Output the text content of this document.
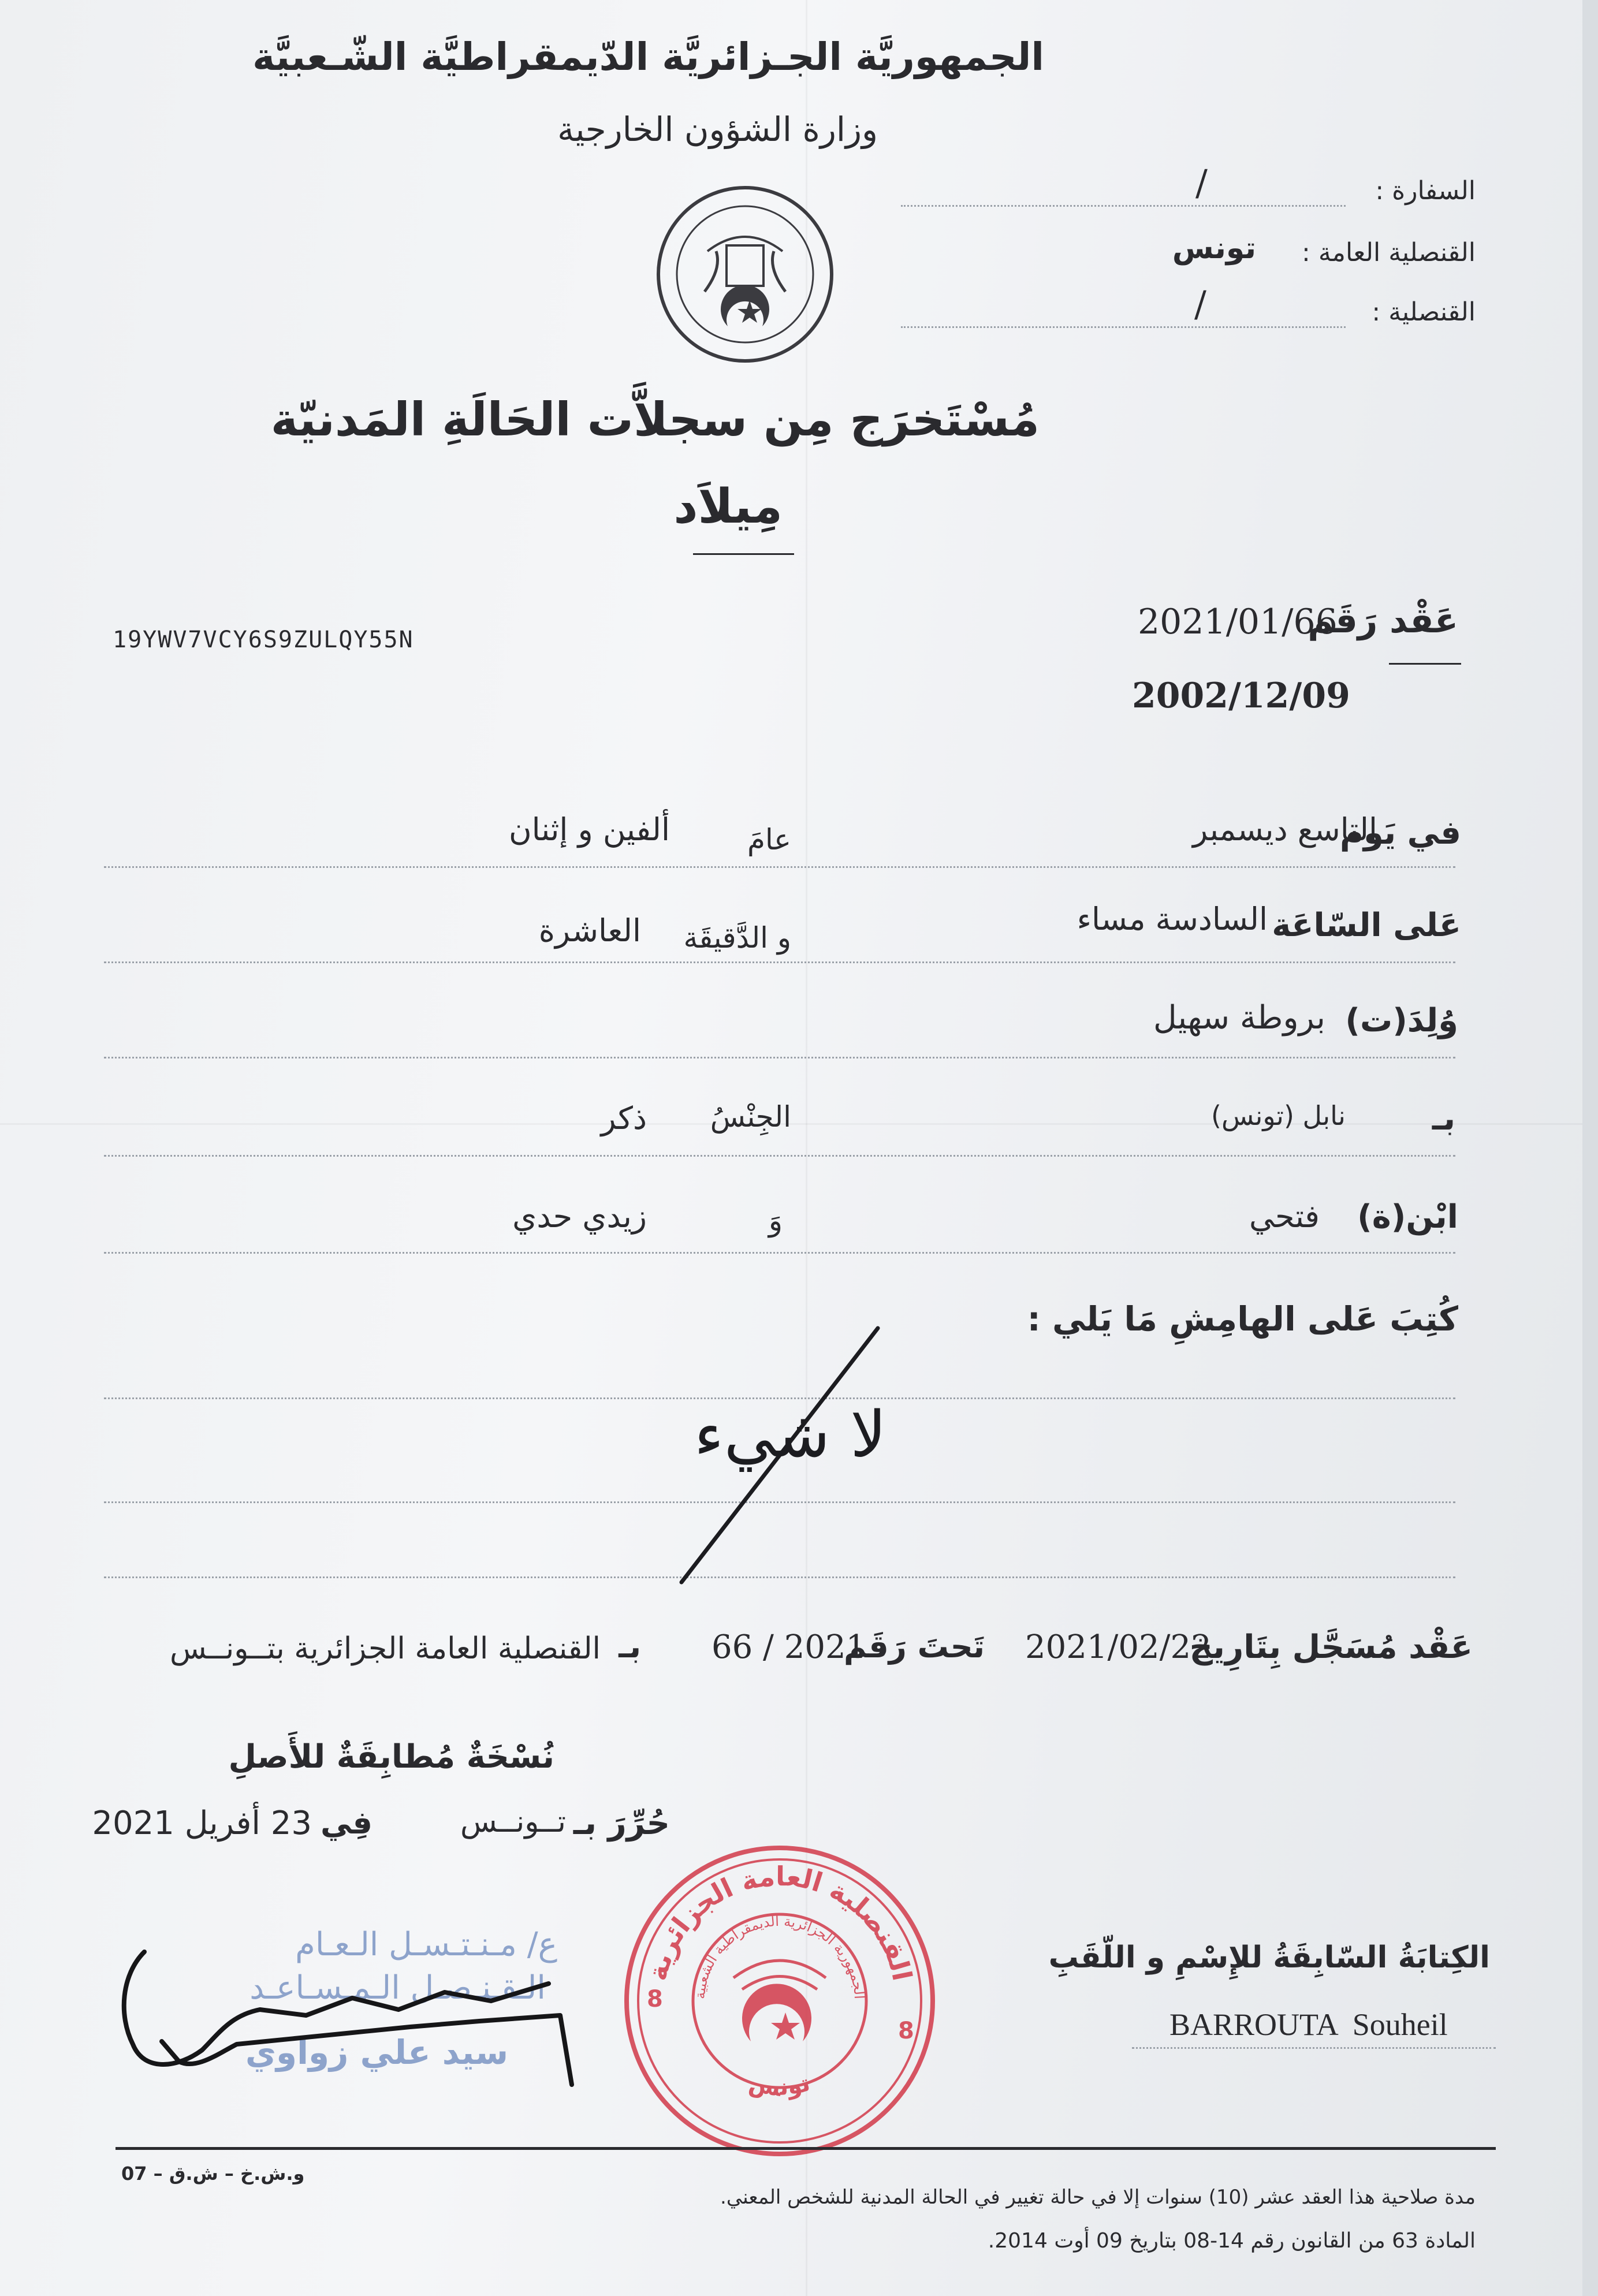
الجمهوريَّة الجـزائريَّة الدّيمقراطيَّة الشّـعبيَّة
وزارة الشؤون الخارجية
السفارة :
/
القنصلية العامة :
تونس
القنصلية :
/
مُسْتَخرَج مِن سجلاَّت الحَالَةِ المَدنيّة
مِيلاَد
19YWV7VCY6S9ZULQY55N	عَقْد رَقَم
2021/01/66
2002/12/09
في يَوم
التاسع ديسمبر
عامَ
ألفين و إثنان
عَلى السّاعَة
السادسة مساء
و الدَّقيقَة
العاشرة
وُلِدَ(ت)
بروطة سهيل
بـ
نابل (تونس)
الجِنْسُ
ذكر
ابْن(ة)
فتحي
وَ
زيدي حدي
كُتِبَ عَلى الهامِشِ مَا يَلي :
لا شيء
عَقْد مُسَجَّل بِتَارِيخ
2021/02/22
تَحتَ رَقَم
66 / 2021
بـ
القنصلية العامة الجزائرية بتــونــس
نُسْخَةٌ مُطابِقَةٌ للأَصلِ
حُرِّرَ بـ
تــونــس
فِي
23 أفريل 2021
ع/ مـنـتـسـل الـعـام
الـقـنـصـل الـمـسـاعـد
سيد علي زواوي
القنصلية العامة الجزائرية
الجمهورية الجزائرية الديمقراطية الشعبية
تونس
8
8
الكِتابَةُ السّابِقَةُ للإِسْمِ و اللّقَبِ
BARROUTA  Souheil
و.ش.خ – ش.ق – 07
مدة صلاحية هذا العقد عشر (10) سنوات إلا في حالة تغيير في الحالة المدنية للشخص المعني.
المادة 63 من القانون رقم 14-08 بتاريخ 09 أوت 2014.
